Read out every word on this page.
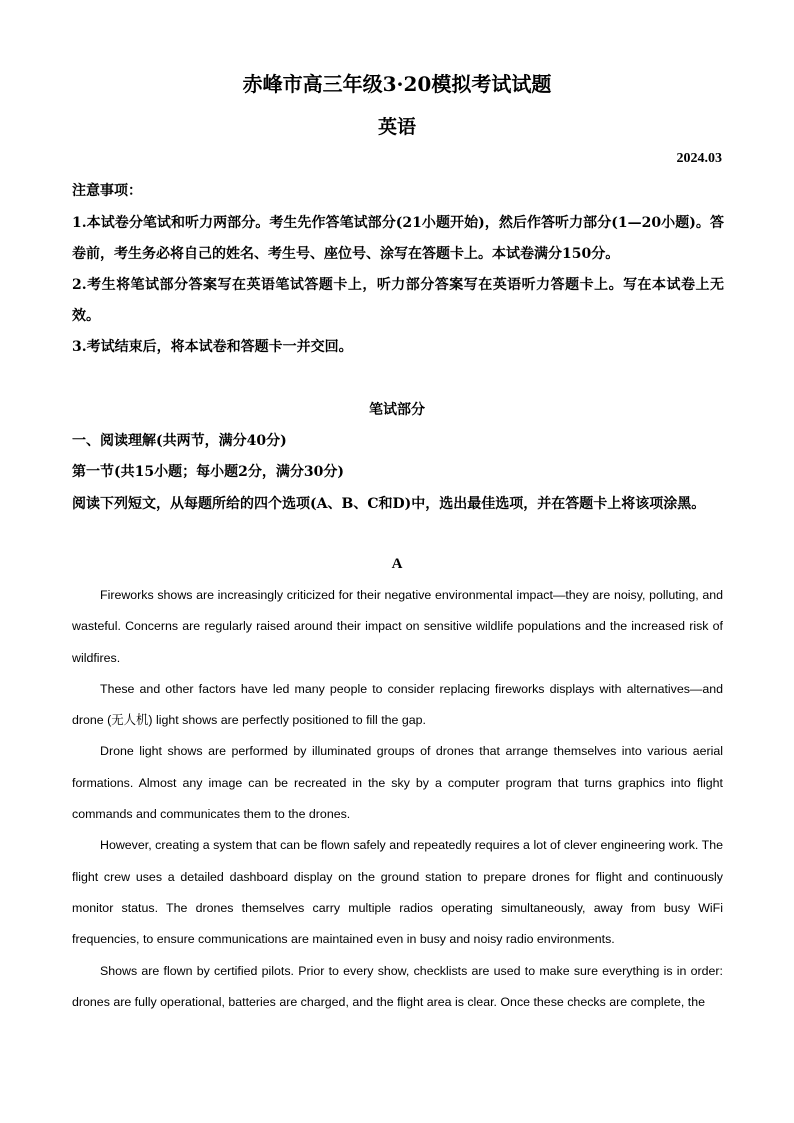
赤峰市高三年级3·20模拟考试试题
英语
2024.03
注意事项：

1.本试卷分笔试和听力两部分。考生先作答笔试部分(21小题开始)，然后作答听力部分(1—20小题)。答卷前，考生务必将自己的姓名、考生号、座位号、涂写在答题卡上。本试卷满分150分。

2.考生将笔试部分答案写在英语笔试答题卡上，听力部分答案写在英语听力答题卡上。写在本试卷上无效。

3.考试结束后，将本试卷和答题卡一并交回。

笔试部分
一、阅读理解(共两节，满分40分)
第一节(共15小题；每小题2分，满分30分)
阅读下列短文，从每题所给的四个选项(A、B、C和D)中，选出最佳选项，并在答题卡上将该项涂黑。
A

Fireworks shows are increasingly criticized for their negative environmental impact—they are noisy, polluting, and wasteful. Concerns are regularly raised around their impact on sensitive wildlife populations and the increased risk of wildfires.

These and other factors have led many people to consider replacing fireworks displays with alternatives—and drone (无人机) light shows are perfectly positioned to fill the gap.

Drone light shows are performed by illuminated groups of drones that arrange themselves into various aerial formations. Almost any image can be recreated in the sky by a computer program that turns graphics into flight commands and communicates them to the drones.

However, creating a system that can be flown safely and repeatedly requires a lot of clever engineering work. The flight crew uses a detailed dashboard display on the ground station to prepare drones for flight and continuously monitor status. The drones themselves carry multiple radios operating simultaneously, away from busy WiFi frequencies, to ensure communications are maintained even in busy and noisy radio environments.

Shows are flown by certified pilots. Prior to every show, checklists are used to make sure everything is in order: drones are fully operational, batteries are charged, and the flight area is clear. Once these checks are complete, the
